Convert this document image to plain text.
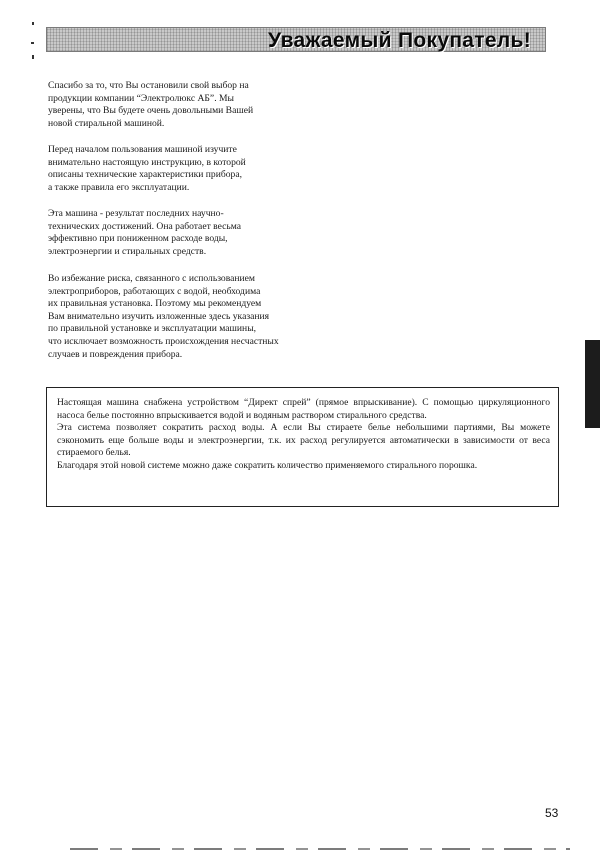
Уважаемый Покупатель!
Спасибо за то, что Вы остановили свой выбор на
продукции компании “Электролюкс АБ”. Мы
уверены, что Вы будете очень довольными Вашей
новой стиральной машиной.
Перед началом пользования машиной изучите
внимательно настоящую инструкцию, в которой
описаны технические характеристики прибора,
а также правила его эксплуатации.
Эта машина - результат последних научно-
технических достижений. Она работает весьма
эффективно при пониженном расходе воды,
электроэнергии и стиральных средств.
Во избежание риска, связанного с использованием
электроприборов, работающих с водой, необходима
их правильная установка. Поэтому мы рекомендуем
Вам внимательно изучить изложенные здесь указания
по правильной установке и эксплуатации машины,
что исключает возможность происхождения несчастных
случаев и повреждения прибора.
Настоящая машина снабжена устройством “Директ спрей” (прямое впрыскивание). С помощью циркуляционного насоса белье постоянно впрыскивается водой и водяным раствором стирального средства.
Эта система позволяет сократить расход воды. А если Вы стираете белье небольшими партиями, Вы можете сэкономить еще больше воды и электроэнергии, т.к. их расход регулируется автоматически в зависимости от веса стираемого белья.
Благодаря этой новой системе можно даже сократить количество применяемого стирального порошка.
53
